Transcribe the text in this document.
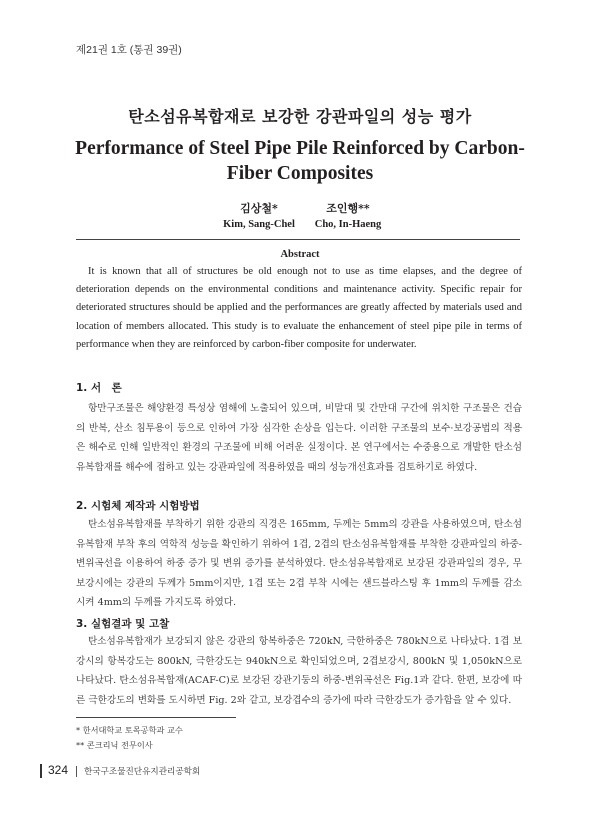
제21권 1호 (통권 39권)
탄소섬유복합재로 보강한 강관파일의 성능 평가
Performance of Steel Pipe Pile Reinforced by Carbon-Fiber Composites
김상철*
Kim, Sang-Chel
조인행**
Cho, In-Haeng
Abstract
It is known that all of structures be old enough not to use as time elapses, and the degree of deterioration depends on the environmental conditions and maintenance activity. Specific repair for deteriorated structures should be applied and the performances are greatly affected by materials used and location of members allocated. This study is to evaluate the enhancement of steel pipe pile in terms of performance when they are reinforced by carbon-fiber composite for underwater.
1. 서　론
항만구조물은 해양환경 특성상 염해에 노출되어 있으며, 비말대 및 간만대 구간에 위치한 구조물은 건습의 반복, 산소 침투용이 등으로 인하여 가장 심각한 손상을 입는다. 이러한 구조물의 보수·보강공법의 적용은 해수로 인해 일반적인 환경의 구조물에 비해 어려운 실정이다. 본 연구에서는 수중용으로 개발한 탄소섬유복합재를 해수에 접하고 있는 강관파일에 적용하였을 때의 성능개선효과를 검토하기로 하였다.
2. 시험체 제작과 시험방법
탄소섬유복합재를 부착하기 위한 강관의 직경은 165mm, 두께는 5mm의 강관을 사용하였으며, 탄소섬유복합재 부착 후의 역학적 성능을 확인하기 위하여 1겹, 2겹의 탄소섬유복합재를 부착한 강관파일의 하중-변위곡선을 이용하여 하중 증가 및 변위 증가를 분석하였다. 탄소섬유복합재로 보강된 강관파일의 경우, 무보강시에는 강관의 두께가 5mm이지만, 1겹 또는 2겹 부착 시에는 샌드블라스팅 후 1mm의 두께를 감소시켜 4mm의 두께를 가지도록 하였다.
3. 실험결과 및 고찰
탄소섬유복합재가 보강되지 않은 강관의 항복하중은 720kN, 극한하중은 780kN으로 나타났다. 1겹 보강시의 항복강도는 800kN, 극한강도는 940kN으로 확인되었으며, 2겹보강시, 800kN 및 1,050kN으로 나타났다. 탄소섬유복합재(ACAF-C)로 보강된 강관기둥의 하중-변위곡선은 Fig.1과 같다. 한편, 보강에 따른 극한강도의 변화를 도시하면 Fig. 2와 같고, 보강겹수의 증가에 따라 극한강도가 증가함을 알 수 있다.
* 한서대학교 토목공학과 교수
** 콘크리닉 전무이사
324 한국구조물진단유지관리공학회
